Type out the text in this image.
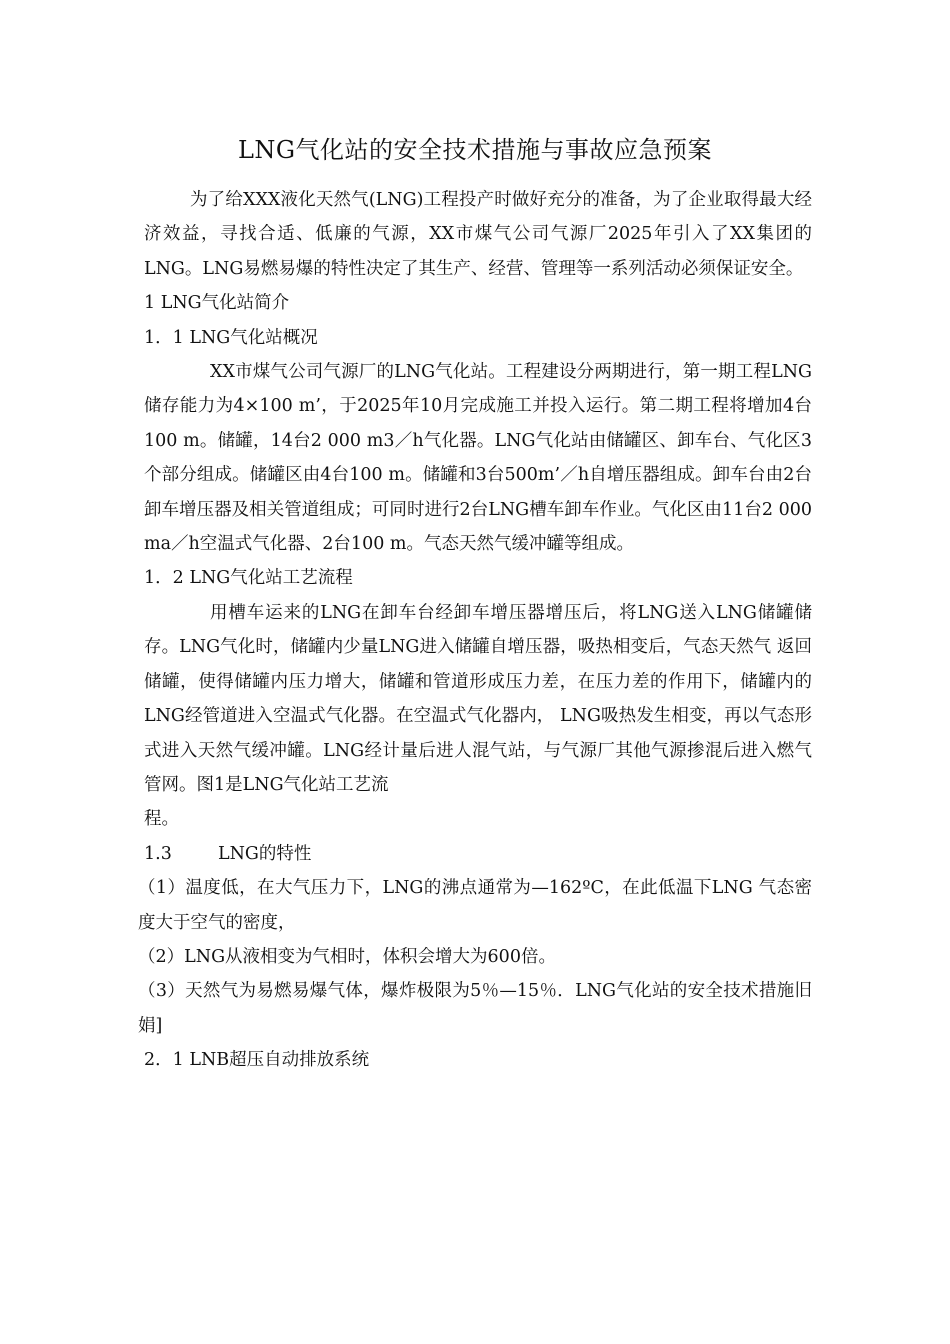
LNG气化站的安全技术措施与事故应急预案

为了给XXX液化天然气(LNG)工程投产时做好充分的准备，为了企业取得最大经济效益，寻找合适、低廉的气源，XX市煤气公司气源厂2025年引入了XX集团的LNG。LNG易燃易爆的特性决定了其生产、经营、管理等一系列活动必须保证安全。

1 LNG气化站简介

1．1 LNG气化站概况

XX市煤气公司气源厂的LNG气化站。工程建设分两期进行，第一期工程LNG储存能力为4×100 m’，于2025年10月完成施工并投入运行。第二期工程将增加4台100 m。储罐，14台2 000 m3／h气化器。LNG气化站由储罐区、卸车台、气化区3个部分组成。储罐区由4台100 m。储罐和3台500m’／h自增压器组成。卸车台由2台卸车增压器及相关管道组成；可同时进行2台LNG槽车卸车作业。气化区由11台2 000 ma／h空温式气化器、2台100 m。气态天然气缓冲罐等组成。

1．2 LNG气化站工艺流程

用槽车运来的LNG在卸车台经卸车增压器增压后，将LNG送入LNG储罐储存。LNG气化时，储罐内少量LNG进入储罐自增压器，吸热相变后，气态天然气 返回储罐，使得储罐内压力增大，储罐和管道形成压力差，在压力差的作用下，储罐内的LNG经管道进入空温式气化器。在空温式气化器内， LNG吸热发生相变，再以气态形式进入天然气缓冲罐。LNG经计量后进人混气站，与气源厂其他气源掺混后进入燃气管网。图1是LNG气化站工艺流

程。

1.3	LNG的特性

（1）温度低，在大气压力下，LNG的沸点通常为—162ºC，在此低温下LNG 气态密度大于空气的密度，

（2）LNG从液相变为气相时，体积会增大为600倍。

（3）天然气为易燃易爆气体，爆炸极限为5％—15％．LNG气化站的安全技术措施旧娟]

2．1 LNB超压自动排放系统
